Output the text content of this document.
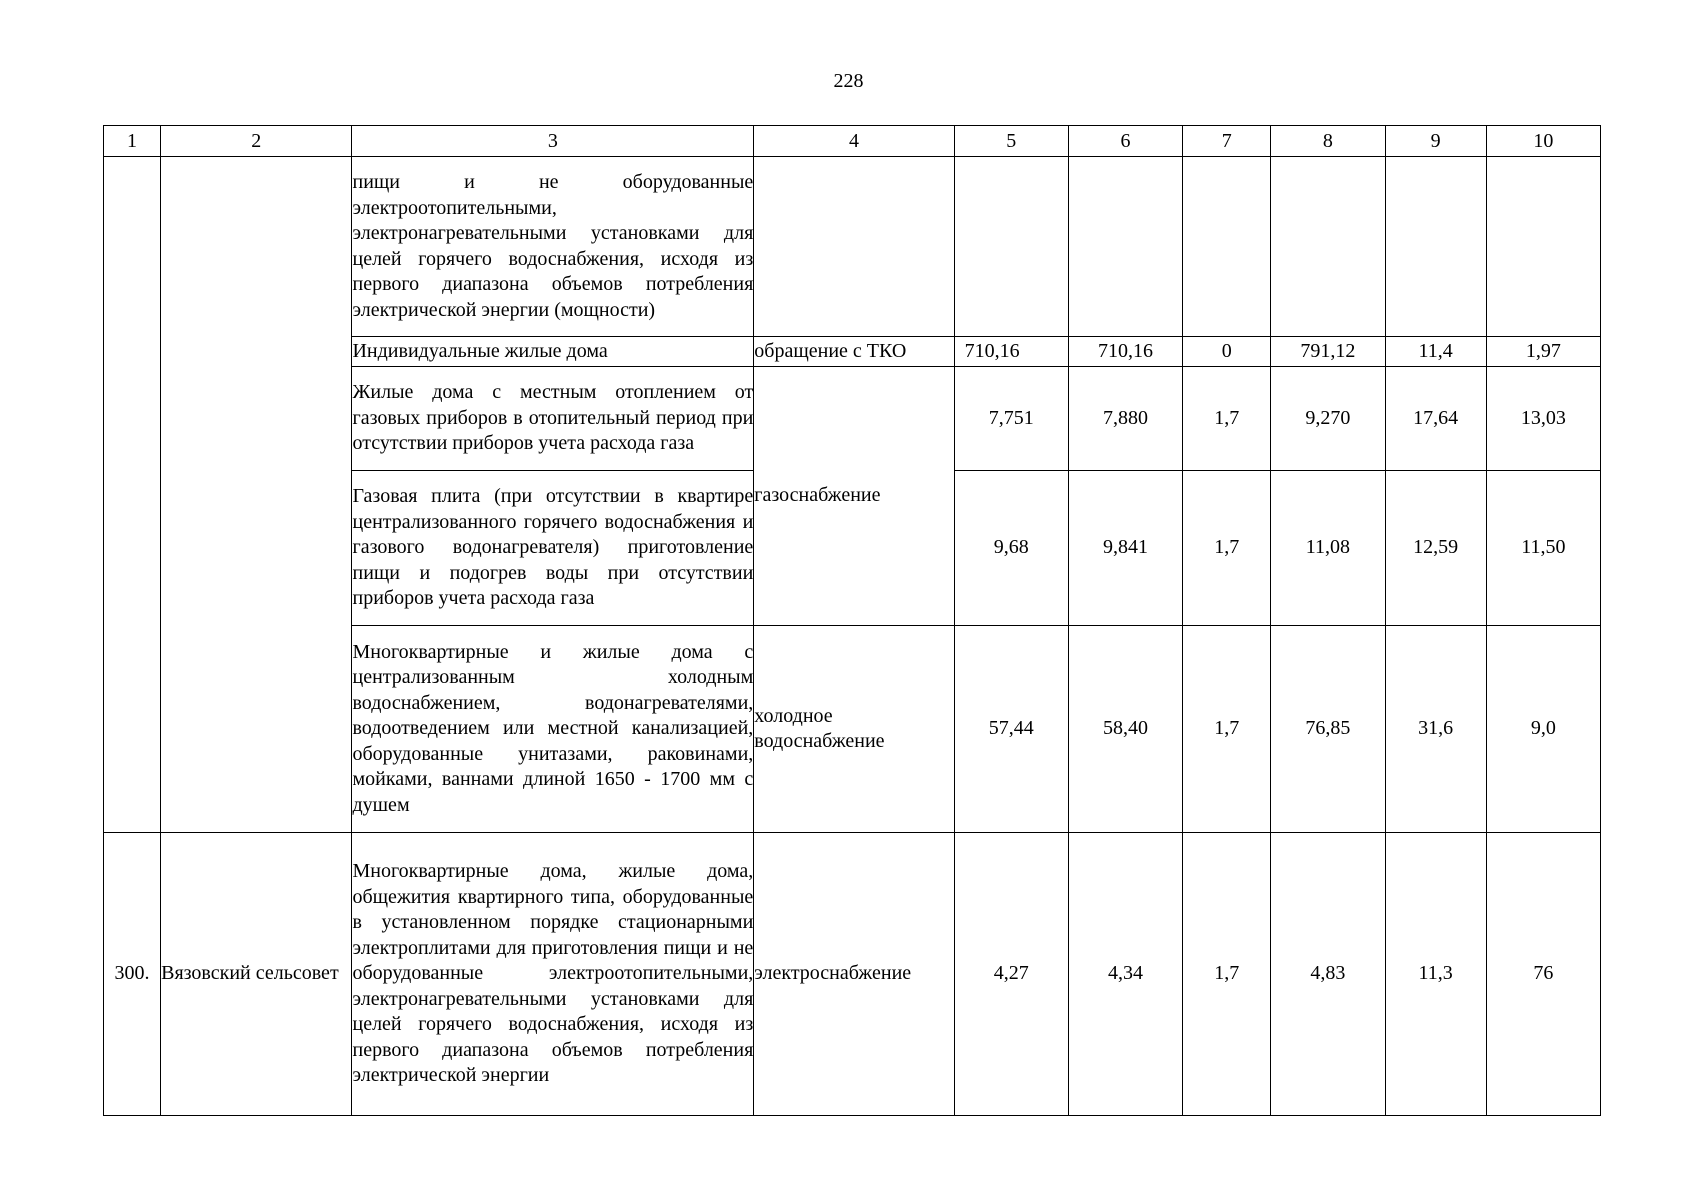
228
1	2	3	4	5	6	7	8	9	10
		пищи и не оборудованные электроотопительными, электронагревательными установками для целей горячего водоснабжения, исходя из первого диапазона объемов потребления электрической энергии (мощности)							
		Индивидуальные жилые дома	обращение с ТКО	710,16	710,16	0	791,12	11,4	1,97
		Жилые дома с местным отоплением от газовых приборов в отопительный период при отсутствии приборов учета расхода газа	газоснабжение	7,751	7,880	1,7	9,270	17,64	13,03
		Газовая плита (при отсутствии в квартире централизованного горячего водоснабжения и газового водонагревателя) приготовление пищи и подогрев воды при отсутствии приборов учета расхода газа		9,68	9,841	1,7	11,08	12,59	11,50
		Многоквартирные и жилые дома с централизованным холодным водоснабжением, водонагревателями, водоотведением или местной канализацией, оборудованные унитазами, раковинами, мойками, ваннами длиной 1650 - 1700 мм с душем	холодное водоснабжение	57,44	58,40	1,7	76,85	31,6	9,0
300.	Вязовский сельсовет	Многоквартирные дома, жилые дома, общежития квартирного типа, оборудованные в установленном порядке стационарными электроплитами для приготовления пищи и не оборудованные электроотопительными, электронагревательными установками для целей горячего водоснабжения, исходя из первого диапазона объемов потребления электрической энергии	электроснабжение	4,27	4,34	1,7	4,83	11,3	76
